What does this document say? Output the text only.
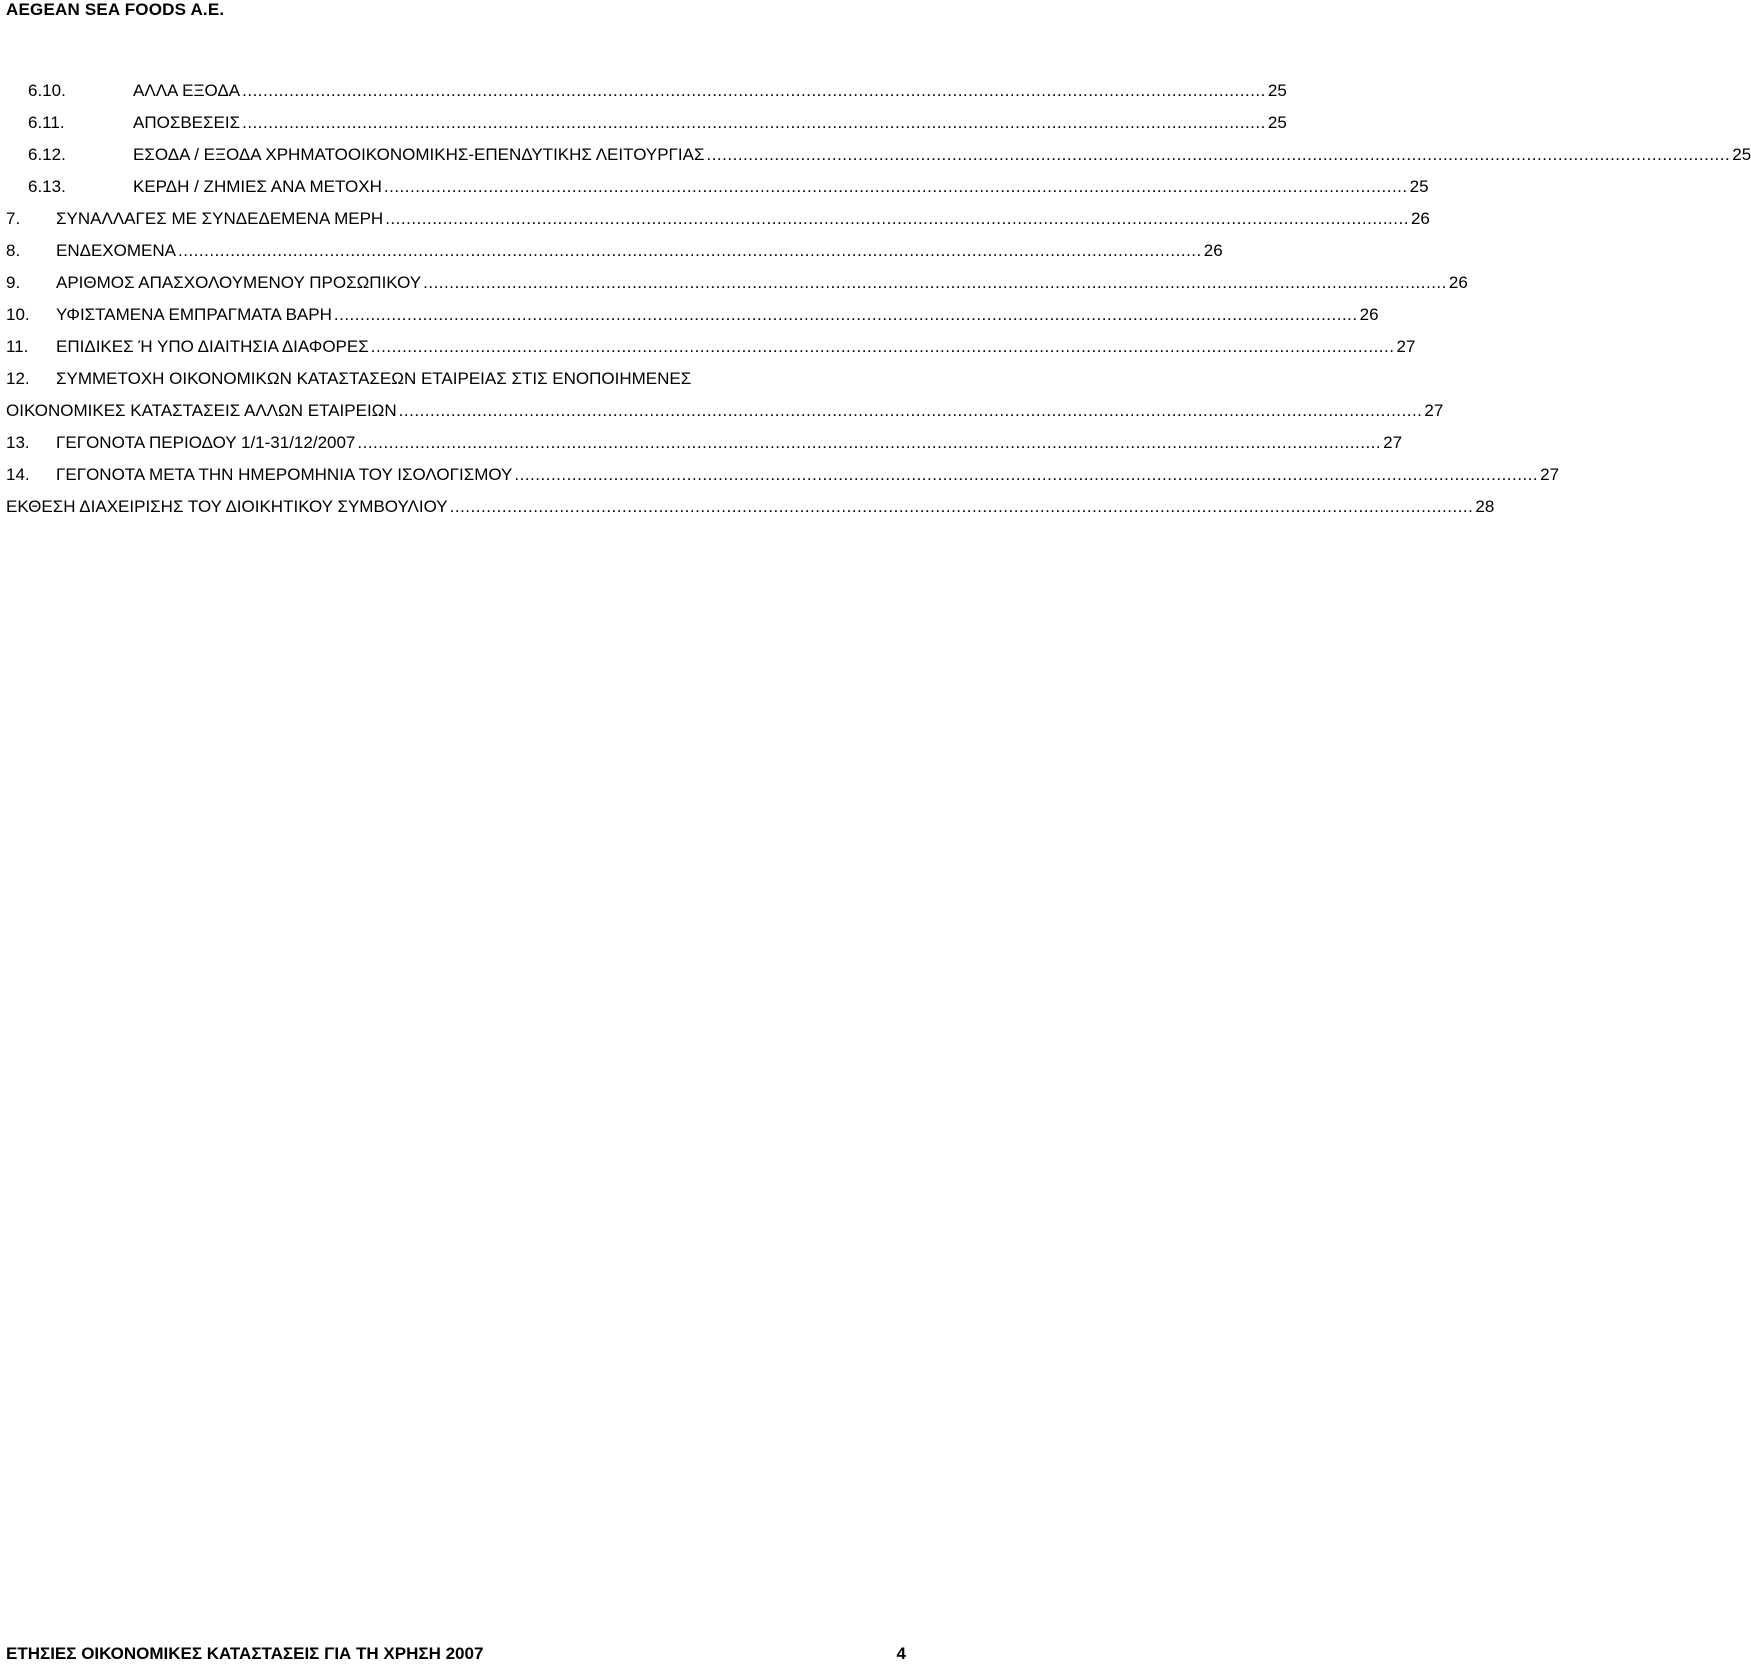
AEGEAN SEA FOODS A.E.
6.10.	ΑΛΛΑ ΕΞΟΔΑ .................................................................................................................................................................................................... 25
6.11.	ΑΠΟΣΒΕΣΕΙΣ .................................................................................................................................................................................................... 25
6.12.	ΕΣΟΔΑ / ΕΞΟΔΑ ΧΡΗΜΑΤΟΟΙΚΟΝΟΜΙΚΗΣ-ΕΠΕΝΔΥΤΙΚΗΣ ΛΕΙΤΟΥΡΓΙΑΣ .................................................................................................................................................................................................... 25
6.13.	ΚΕΡΔΗ / ΖΗΜΙΕΣ ΑΝΑ ΜΕΤΟΧΗ .................................................................................................................................................................................................... 25
7. ΣΥΝΑΛΛΑΓΕΣ ΜΕ ΣΥΝΔΕΔΕΜΕΝΑ ΜΕΡΗ .................................................................................................................................................................................................... 26
8. ΕΝΔΕΧΟΜΕΝΑ .................................................................................................................................................................................................... 26
9. ΑΡΙΘΜΟΣ ΑΠΑΣΧΟΛΟΥΜΕΝΟΥ ΠΡΟΣΩΠΙΚΟΥ .................................................................................................................................................................................................... 26
10. ΥΦΙΣΤΑΜΕΝΑ ΕΜΠΡΑΓΜΑΤΑ ΒΑΡΗ .................................................................................................................................................................................................... 26
11. ΕΠΙΔΙΚΕΣ Ή ΥΠΟ ΔΙΑΙΤΗΣΙΑ ΔΙΑΦΟΡΕΣ .................................................................................................................................................................................................... 27
12. ΣΥΜΜΕΤΟΧΗ ΟΙΚΟΝΟΜΙΚΩΝ ΚΑΤΑΣΤΑΣΕΩΝ ΕΤΑΙΡΕΙΑΣ ΣΤΙΣ ΕΝΟΠΟΙΗΜΕΝΕΣ
ΟΙΚΟΝΟΜΙΚΕΣ ΚΑΤΑΣΤΑΣΕΙΣ ΑΛΛΩΝ ΕΤΑΙΡΕΙΩΝ .................................................................................................................................................................................................... 27
13. ΓΕΓΟΝΟΤΑ ΠΕΡΙΟΔΟΥ 1/1-31/12/2007 .................................................................................................................................................................................................... 27
14. ΓΕΓΟΝΟΤΑ ΜΕΤΑ ΤΗΝ ΗΜΕΡΟΜΗΝΙΑ ΤΟΥ ΙΣΟΛΟΓΙΣΜΟΥ .................................................................................................................................................................................................... 27
ΕΚΘΕΣΗ ΔΙΑΧΕΙΡΙΣΗΣ ΤΟΥ ΔΙΟΙΚΗΤΙΚΟΥ ΣΥΜΒΟΥΛΙΟΥ .................................................................................................................................................................................................... 28
ΕΤΗΣΙΕΣ ΟΙΚΟΝΟΜΙΚΕΣ ΚΑΤΑΣΤΑΣΕΙΣ ΓΙΑ ΤΗ ΧΡΗΣΗ 2007	4
